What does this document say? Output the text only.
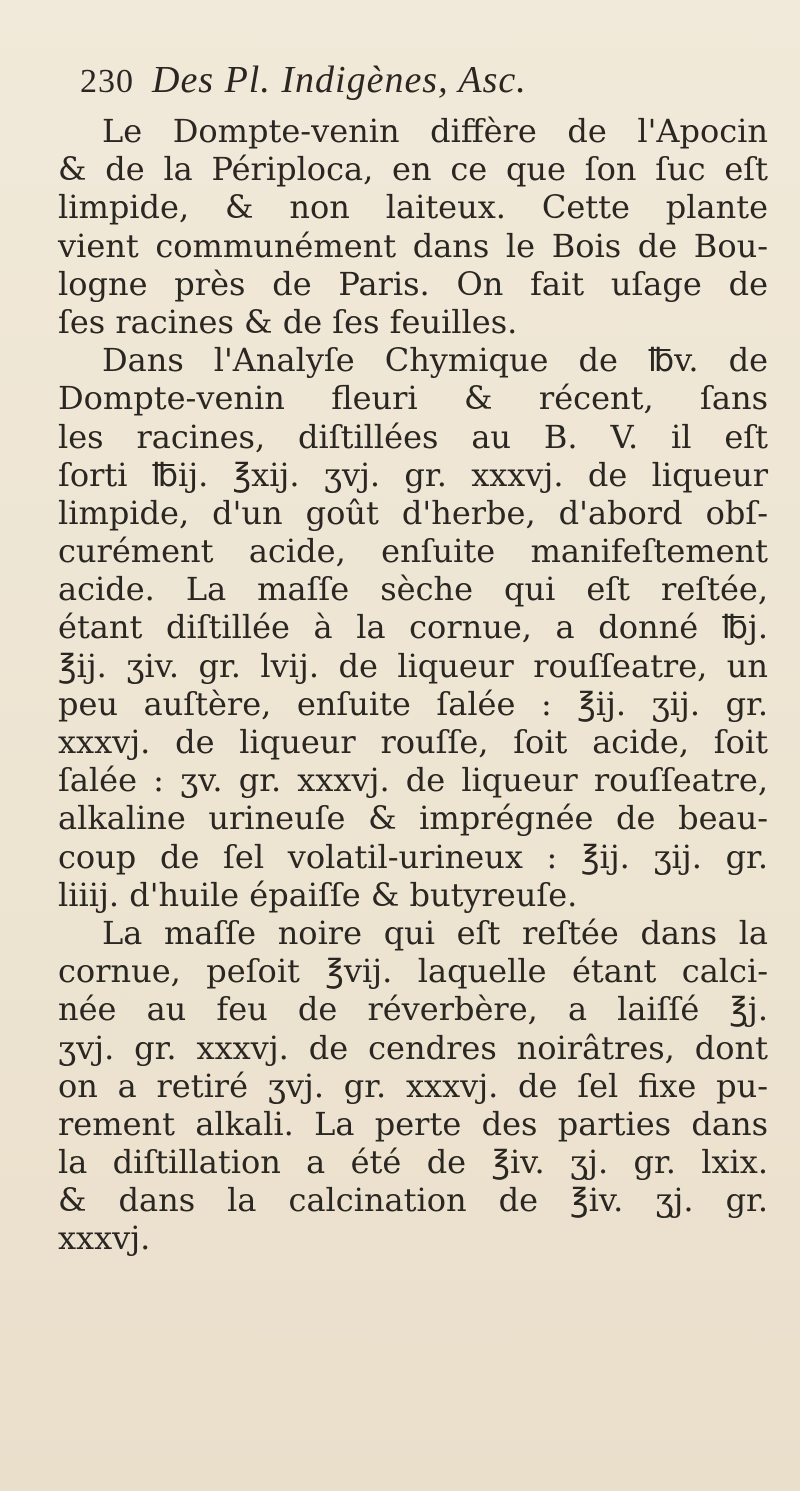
230 Des Pl. Indigènes, Asc.
Le Dompte-venin diffère de l'Apocin
& de la Périploca, en ce que ſon ſuc eſt
limpide, & non laiteux. Cette plante
vient communément dans le Bois de Bou-
logne près de Paris. On fait uſage de
ſes racines & de ſes feuilles.
Dans l'Analyſe Chymique de ℔v. de
Dompte-venin fleuri & récent, ſans
les racines, diſtillées au B. V. il eſt
ſorti ℔ij. ℥xij. ʒvj. gr. xxxvj. de liqueur
limpide, d'un goût d'herbe, d'abord obſ-
curément acide, enſuite manifeſtement
acide. La maſſe sèche qui eſt reſtée,
étant diſtillée à la cornue, a donné ℔j.
℥ij. ʒiv. gr. lvij. de liqueur rouſſeatre, un
peu auſtère, enſuite ſalée : ℥ij. ʒij. gr.
xxxvj. de liqueur rouſſe, ſoit acide, ſoit
ſalée : ʒv. gr. xxxvj. de liqueur rouſſeatre,
alkaline urineuſe & imprégnée de beau-
coup de ſel volatil-urineux : ℥ij. ʒij. gr.
liiij. d'huile épaiſſe & butyreuſe.
La maſſe noire qui eſt reſtée dans la
cornue, peſoit ℥vij. laquelle étant calci-
née au feu de réverbère, a laiſſé ℥j.
ʒvj. gr. xxxvj. de cendres noirâtres, dont
on a retiré ʒvj. gr. xxxvj. de ſel fixe pu-
rement alkali. La perte des parties dans
la diſtillation a été de ℥iv. ʒj. gr. lxix.
& dans la calcination de ℥iv. ʒj. gr.
xxxvj.
